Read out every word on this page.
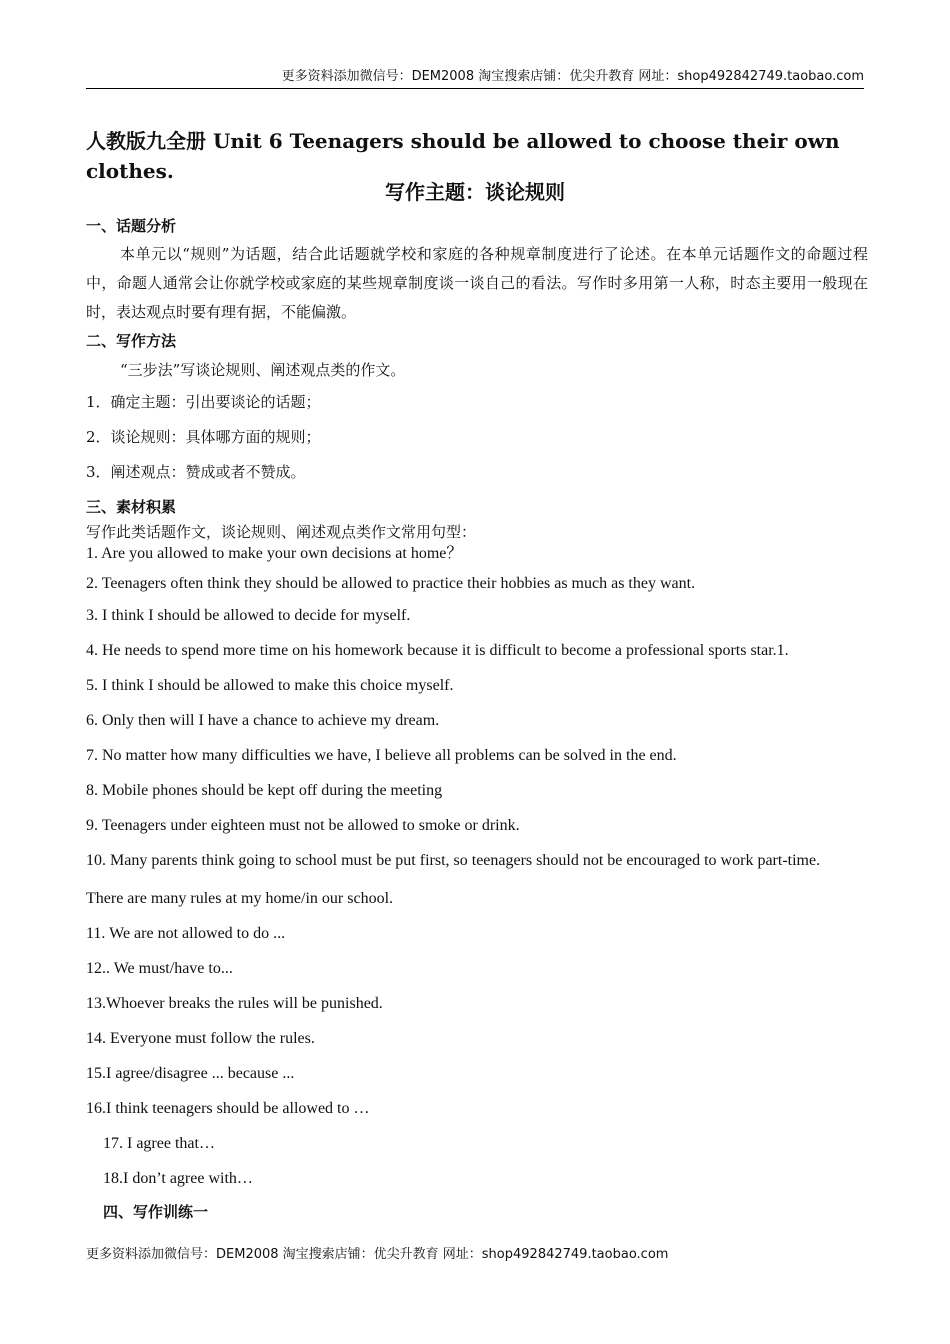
更多资料添加微信号：DEM2008 淘宝搜索店铺：优尖升教育 网址：shop492842749.taobao.com
人教版九全册 Unit 6 Teenagers should be allowed to choose their own clothes.
写作主题：谈论规则
一、话题分析
本单元以“规则”为话题，结合此话题就学校和家庭的各种规章制度进行了论述。在本单元话题作文的命题过程中，命题人通常会让你就学校或家庭的某些规章制度谈一谈自己的看法。写作时多用第一人称，时态主要用一般现在时，表达观点时要有理有据，不能偏激。
二、写作方法
“三步法”写谈论规则、阐述观点类的作文。
1．确定主题：引出要谈论的话题；
2．谈论规则：具体哪方面的规则；
3．阐述观点：赞成或者不赞成。
三、素材积累
写作此类话题作文，谈论规则、阐述观点类作文常用句型：
1. Are you allowed to make your own decisions at home？
2. Teenagers often think they should be allowed to practice their hobbies as much as they want.
3. I think I should be allowed to decide for myself.
4. He needs to spend more time on his homework because it is difficult to become a professional sports star.1.
5. I think I should be allowed to make this choice myself.
6. Only then will I have a chance to achieve my dream.
7. No matter how many difficulties we have, I believe all problems can be solved in the end.
8. Mobile phones should be kept off during the meeting
9. Teenagers under eighteen must not be allowed to smoke or drink.
10. Many parents think going to school must be put first, so teenagers should not be encouraged to work part-time.
There are many rules at my home/in our school.
11. We are not allowed to do ...
12.. We must/have to...
13.Whoever breaks the rules will be punished.
14. Everyone must follow the rules.
15.I agree/disagree ... because ...
16.I think teenagers should be allowed to …
17. I agree that…
18.I don’t agree with…
四、写作训练一
更多资料添加微信号：DEM2008 淘宝搜索店铺：优尖升教育 网址：shop492842749.taobao.com
